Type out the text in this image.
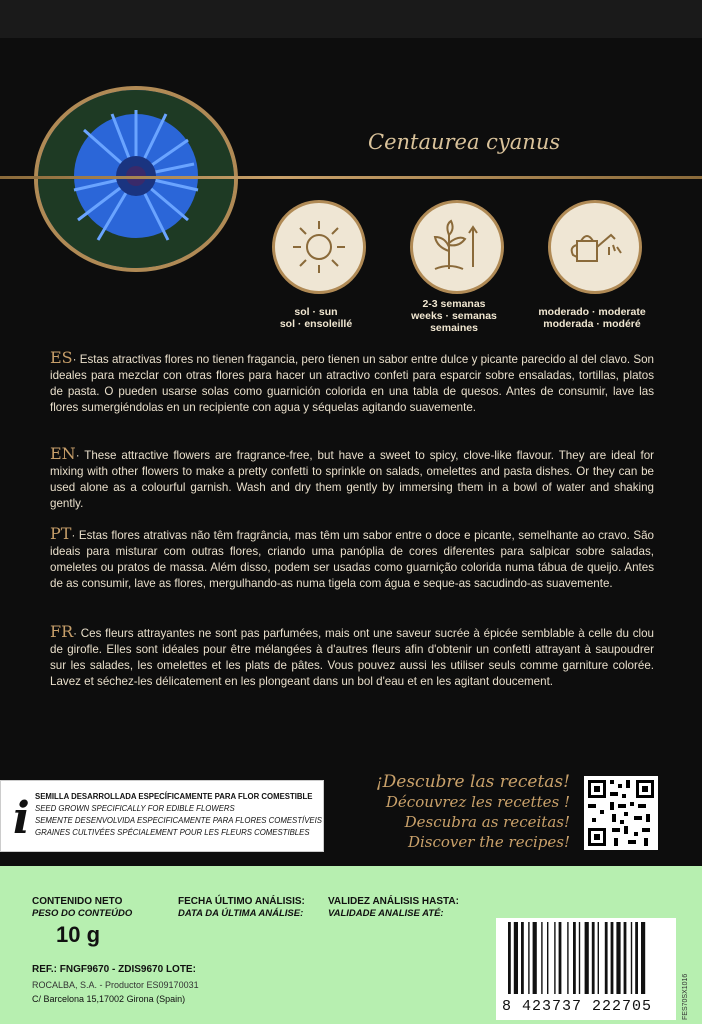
Centaurea cyanus
sol · sun
sol · ensoleillé
2-3 semanas
weeks · semanas
semaines
moderado · moderate
moderada · modéré
ES· Estas atractivas flores no tienen fragancia, pero tienen un sabor entre dulce y picante parecido al del clavo. Son ideales para mezclar con otras flores para hacer un atractivo confeti para esparcir sobre ensaladas, tortillas, platos de pasta. O pueden usarse solas como guarnición colorida en una tabla de quesos. Antes de consumir, lave las flores sumergiéndolas en un recipiente con agua y séquelas agitando suavemente.
EN· These attractive flowers are fragrance-free, but have a sweet to spicy, clove-like flavour. They are ideal for mixing with other flowers to make a pretty confetti to sprinkle on salads, omelettes and pasta dishes. Or they can be used alone as a colourful garnish. Wash and dry them gently by immersing them in a bowl of water and shaking gently.
PT· Estas flores atrativas não têm fragrância, mas têm um sabor entre o doce e picante, semelhante ao cravo. São ideais para misturar com outras flores, criando uma panóplia de cores diferentes para salpicar sobre saladas, omeletes ou pratos de massa. Além disso, podem ser usadas como guarnição colorida numa tábua de queijo. Antes de as consumir, lave as flores, mergulhando-as numa tigela com água e seque-as sacudindo-as suavemente.
FR· Ces fleurs attrayantes ne sont pas parfumées, mais ont une saveur sucrée à épicée semblable à celle du clou de girofle. Elles sont idéales pour être mélangées à d'autres fleurs afin d'obtenir un confetti attrayant à saupoudrer sur les salades, les omelettes et les plats de pâtes. Vous pouvez aussi les utiliser seuls comme garniture colorée. Lavez et séchez-les délicatement en les plongeant dans un bol d'eau et en les agitant doucement.
i SEMILLA DESARROLLADA ESPECÍFICAMENTE PARA FLOR COMESTIBLE
SEED GROWN SPECIFICALLY FOR EDIBLE FLOWERS
SEMENTE DESENVOLVIDA ESPECIFICAMENTE PARA FLORES COMESTÍVEIS
GRAINES CULTIVÉES SPÉCIALEMENT POUR LES FLEURS COMESTIBLES
¡Descubre las recetas!
Découvrez les recettes !
Descubra as receitas!
Discover the recipes!
CONTENIDO NETO
PESO DO CONTEÚDO
FECHA ÚLTIMO ANÁLISIS:
DATA DA ÚLTIMA ANÁLISE:
VALIDEZ ANÁLISIS HASTA:
VALIDADE ANALISE ATÉ:
REF.: FNGF9670 - ZDIS9670 LOTE:
ROCALBA, S.A. - Productor ES09170031
C/ Barcelona 15,17002 Girona (Spain)
10 g
8 423737 222705	FES70SX1016
